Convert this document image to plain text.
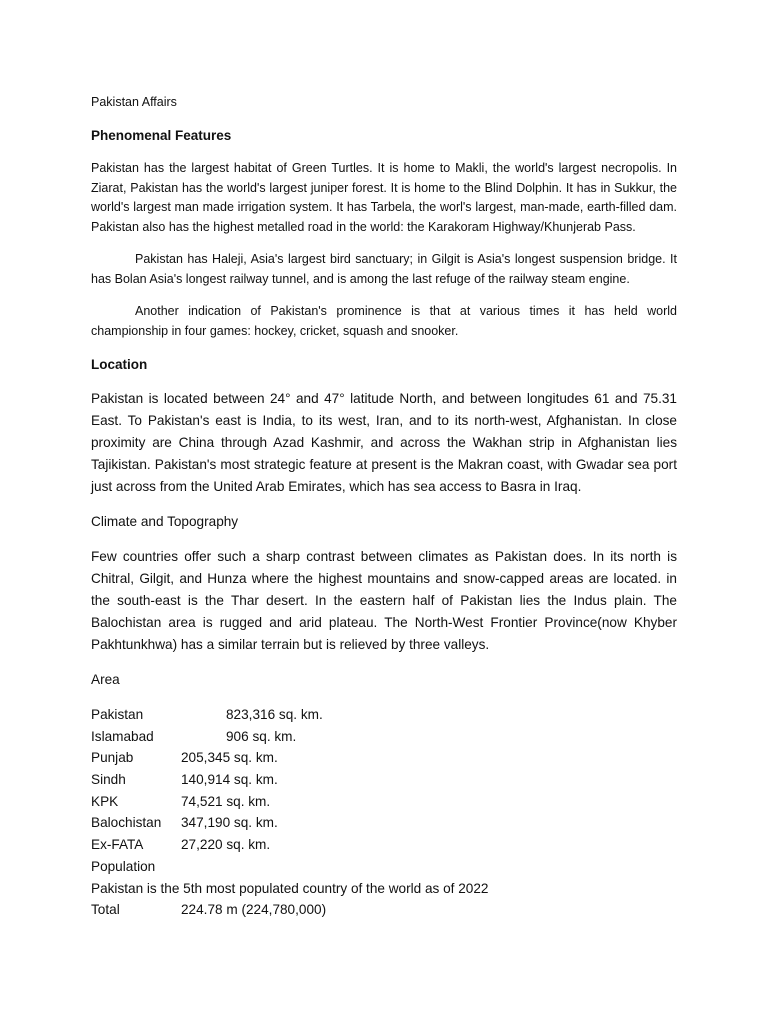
Pakistan Affairs

Phenomenal Features

Pakistan has the largest habitat of Green Turtles. It is home to Makli, the world's largest necropolis. In Ziarat, Pakistan has the world's largest juniper forest. It is home to the Blind Dolphin. It has in Sukkur, the world's largest man made irrigation system. It has Tarbela, the worl's largest, man-made, earth-filled dam. Pakistan also has the highest metalled road in the world: the Karakoram Highway/Khunjerab Pass.

Pakistan has Haleji, Asia's largest bird sanctuary; in Gilgit is Asia's longest suspension bridge. It has Bolan Asia's longest railway tunnel, and is among the last refuge of the railway steam engine.

Another indication of Pakistan's prominence is that at various times it has held world championship in four games: hockey, cricket, squash and snooker.

Location

Pakistan is located between 24° and 47° latitude North, and between longitudes 61 and 75.31 East. To Pakistan's east is India, to its west, Iran, and to its north-west, Afghanistan. In close proximity are China through Azad Kashmir, and across the Wakhan strip in Afghanistan lies Tajikistan. Pakistan's most strategic feature at present is the Makran coast, with Gwadar sea port just across from the United Arab Emirates, which has sea access to Basra in Iraq.

Climate and Topography

Few countries offer such a sharp contrast between climates as Pakistan does. In its north is Chitral, Gilgit, and Hunza where the highest mountains and snow-capped areas are located. in the south-east is the Thar desert. In the eastern half of Pakistan lies the Indus plain. The Balochistan area is rugged and arid plateau. The North-West Frontier Province(now Khyber Pakhtunkhwa) has a similar terrain but is relieved by three valleys.

Area

Pakistan	823,316 sq. km.
Islamabad	906 sq. km.
Punjab	205,345 sq. km.
Sindh	140,914 sq. km.
KPK	74,521 sq. km.
Balochistan 347,190 sq. km.
Ex-FATA	27,220 sq. km.

Population

Pakistan is the 5th most populated country of the world as of 2022

Total	224.78 m (224,780,000)
